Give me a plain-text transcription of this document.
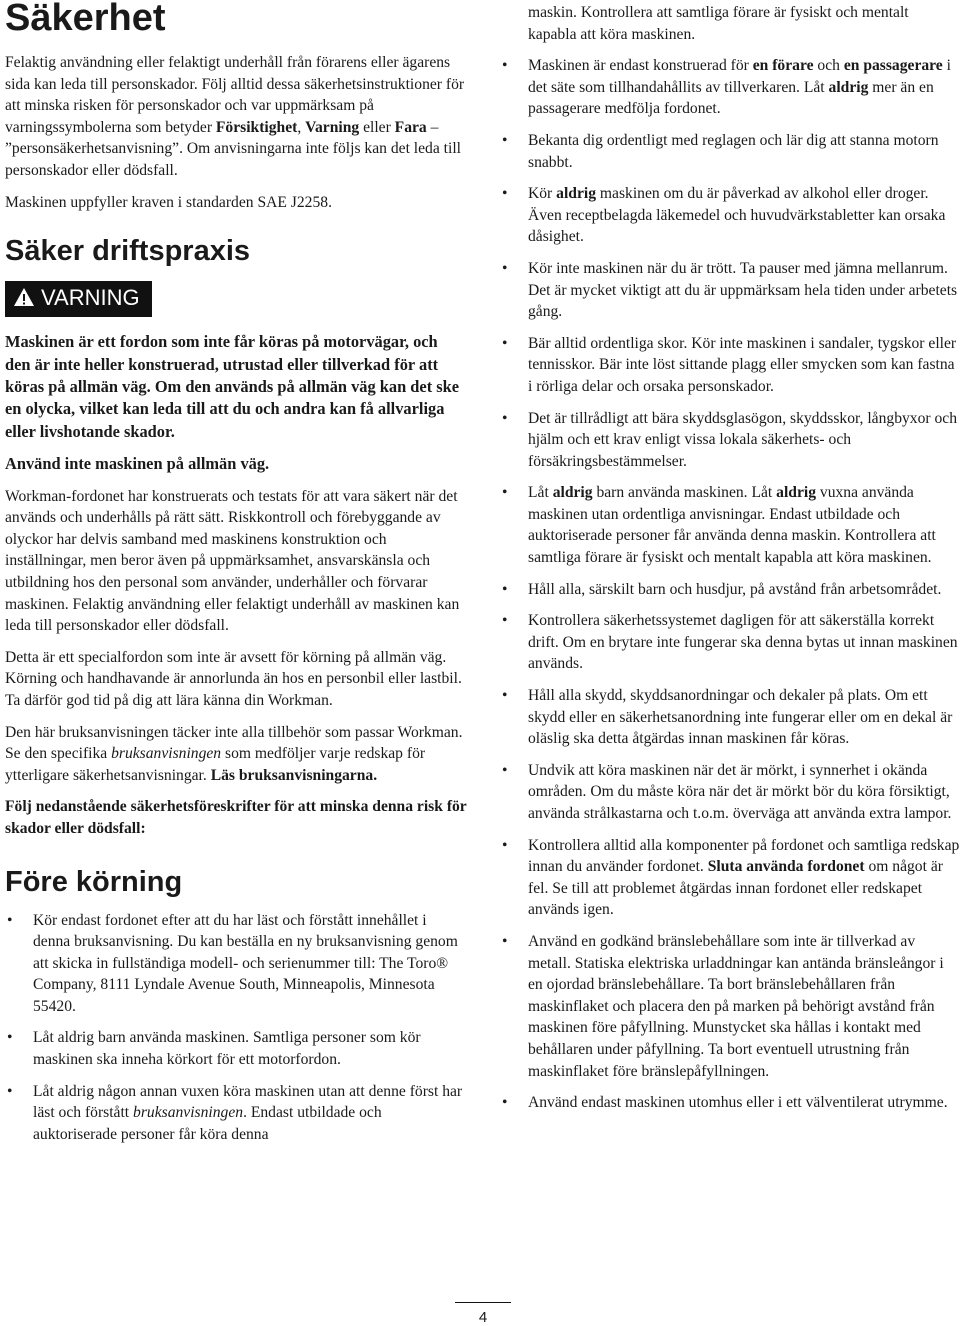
Säkerhet

Felaktig användning eller felaktigt underhåll från förarens eller ägarens sida kan leda till personskador. Följ alltid dessa säkerhetsinstruktioner för att minska risken för personskador och var uppmärksam på varningssymbolerna som betyder Försiktighet, Varning eller Fara – ”personsäkerhetsanvisning”. Om anvisningarna inte följs kan det leda till personskador eller dödsfall.

Maskinen uppfyller kraven i standarden SAE J2258.

Säker driftspraxis
VARNING

Maskinen är ett fordon som inte får köras på motorvägar, och den är inte heller konstruerad, utrustad eller tillverkad för att köras på allmän väg. Om den används på allmän väg kan det ske en olycka, vilket kan leda till att du och andra kan få allvarliga eller livshotande skador.

Använd inte maskinen på allmän väg.

Workman-fordonet har konstruerats och testats för att vara säkert när det används och underhålls på rätt sätt. Riskkontroll och förebyggande av olyckor har delvis samband med maskinens konstruktion och inställningar, men beror även på uppmärksamhet, ansvarskänsla och utbildning hos den personal som använder, underhåller och förvarar maskinen. Felaktig användning eller felaktigt underhåll av maskinen kan leda till personskador eller dödsfall.

Detta är ett specialfordon som inte är avsett för körning på allmän väg. Körning och handhavande är annorlunda än hos en personbil eller lastbil. Ta därför god tid på dig att lära känna din Workman.

Den här bruksanvisningen täcker inte alla tillbehör som passar Workman. Se den specifika bruksanvisningen som medföljer varje redskap för ytterligare säkerhetsanvisningar. Läs bruksanvisningarna.

Följ nedanstående säkerhetsföreskrifter för att minska denna risk för skador eller dödsfall:

Före körning
• Kör endast fordonet efter att du har läst och förstått innehållet i denna bruksanvisning. Du kan beställa en ny bruksanvisning genom att skicka in fullständiga modell- och serienummer till: The Toro® Company, 8111 Lyndale Avenue South, Minneapolis, Minnesota 55420.
• Låt aldrig barn använda maskinen. Samtliga personer som kör maskinen ska inneha körkort för ett motorfordon.
• Låt aldrig någon annan vuxen köra maskinen utan att denne först har läst och förstått bruksanvisningen. Endast utbildade och auktoriserade personer får köra denna

maskin. Kontrollera att samtliga förare är fysiskt och mentalt kapabla att köra maskinen.

• Maskinen är endast konstruerad för en förare och en passagerare i det säte som tillhandahållits av tillverkaren. Låt aldrig mer än en passagerare medfölja fordonet.
• Bekanta dig ordentligt med reglagen och lär dig att stanna motorn snabbt.
• Kör aldrig maskinen om du är påverkad av alkohol eller droger. Även receptbelagda läkemedel och huvudvärkstabletter kan orsaka dåsighet.
• Kör inte maskinen när du är trött. Ta pauser med jämna mellanrum. Det är mycket viktigt att du är uppmärksam hela tiden under arbetets gång.
• Bär alltid ordentliga skor. Kör inte maskinen i sandaler, tygskor eller tennisskor. Bär inte löst sittande plagg eller smycken som kan fastna i rörliga delar och orsaka personskador.
• Det är tillrådligt att bära skyddsglasögon, skyddsskor, långbyxor och hjälm och ett krav enligt vissa lokala säkerhets- och försäkringsbestämmelser.
• Låt aldrig barn använda maskinen. Låt aldrig vuxna använda maskinen utan ordentliga anvisningar. Endast utbildade och auktoriserade personer får använda denna maskin. Kontrollera att samtliga förare är fysiskt och mentalt kapabla att köra maskinen.
• Håll alla, särskilt barn och husdjur, på avstånd från arbetsområdet.
• Kontrollera säkerhetssystemet dagligen för att säkerställa korrekt drift. Om en brytare inte fungerar ska denna bytas ut innan maskinen används.
• Håll alla skydd, skyddsanordningar och dekaler på plats. Om ett skydd eller en säkerhetsanordning inte fungerar eller om en dekal är oläslig ska detta åtgärdas innan maskinen får köras.
• Undvik att köra maskinen när det är mörkt, i synnerhet i okända områden. Om du måste köra när det är mörkt bör du köra försiktigt, använda strålkastarna och t.o.m. överväga att använda extra lampor.
• Kontrollera alltid alla komponenter på fordonet och samtliga redskap innan du använder fordonet. Sluta använda fordonet om något är fel. Se till att problemet åtgärdas innan fordonet eller redskapet används igen.
• Använd en godkänd bränslebehållare som inte är tillverkad av metall. Statiska elektriska urladdningar kan antända bränsleångor i en ojordad bränslebehållare. Ta bort bränslebehållaren från maskinflaket och placera den på marken på behörigt avstånd från maskinen före påfyllning. Munstycket ska hållas i kontakt med behållaren under påfyllning. Ta bort eventuell utrustning från maskinflaket före bränslepåfyllningen.
• Använd endast maskinen utomhus eller i ett välventilerat utrymme.
4
